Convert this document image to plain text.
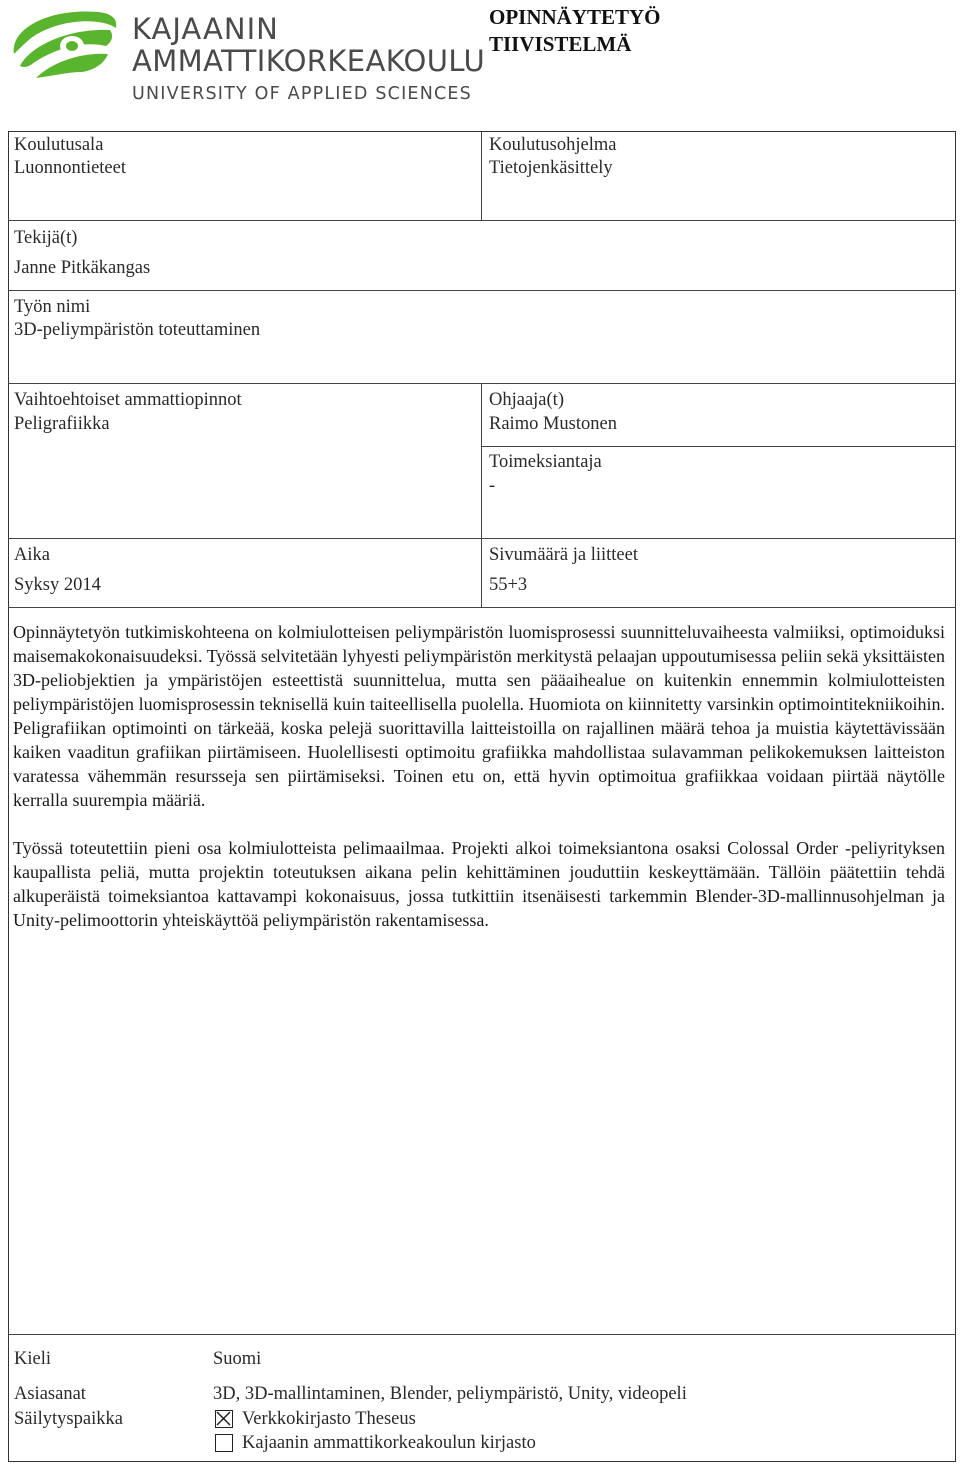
KAJAANIN
AMMATTIKORKEAKOULU
UNIVERSITY OF APPLIED SCIENCES
OPINNÄYTETYÖ
TIIVISTELMÄ
Koulutusala
Luonnontieteet
Koulutusohjelma
Tietojenkäsittely
Tekijä(t)
Janne Pitkäkangas
Työn nimi
3D-peliympäristön toteuttaminen
Vaihtoehtoiset ammattiopinnot
Peligrafiikka
Ohjaaja(t)
Raimo Mustonen
Toimeksiantaja
-
Aika
Syksy 2014
Sivumäärä ja liitteet
55+3

Opinnäytetyön tutkimiskohteena on kolmiulotteisen peliympäristön luomisprosessi suunnitteluvaiheesta valmiiksi, optimoiduksi maisemakokonaisuudeksi. Työssä selvitetään lyhyesti peliympäristön merkitystä pelaajan uppoutumisessa peliin sekä yksittäisten 3D-peliobjektien ja ympäristöjen esteettistä suunnittelua, mutta sen pääaihealue on kuitenkin ennemmin kolmiulotteisten peliympäristöjen luomisprosessin teknisellä kuin taiteellisella puolella. Huomiota on kiinnitetty varsinkin optimointitekniikoihin. Peligrafiikan optimointi on tärkeää, koska pelejä suorittavilla laitteistoilla on rajallinen määrä tehoa ja muistia käytettävissään kaiken vaaditun grafiikan piirtämiseen. Huolellisesti optimoitu grafiikka mahdollistaa sulavamman pelikokemuksen laitteiston varatessa vähemmän resursseja sen piirtämiseksi. Toinen etu on, että hyvin optimoitua grafiikkaa voidaan piirtää näytölle kerralla suurempia määriä.

Työssä toteutettiin pieni osa kolmiulotteista pelimaailmaa. Projekti alkoi toimeksiantona osaksi Colossal Order -peliyrityksen kaupallista peliä, mutta projektin toteutuksen aikana pelin kehittäminen jouduttiin keskeyttämään. Tällöin päätettiin tehdä alkuperäistä toimeksiantoa kattavampi kokonaisuus, jossa tutkittiin itsenäisesti tarkemmin Blender-3D-mallinnusohjelman ja Unity-pelimoottorin yhteiskäyttöä peliympäristön rakentamisessa.

Kieli	Suomi
Asiasanat	3D, 3D-mallintaminen, Blender, peliympäristö, Unity, videopeli
Säilytyspaikka	Verkkokirjasto Theseus
Kajaanin ammattikorkeakoulun kirjasto
